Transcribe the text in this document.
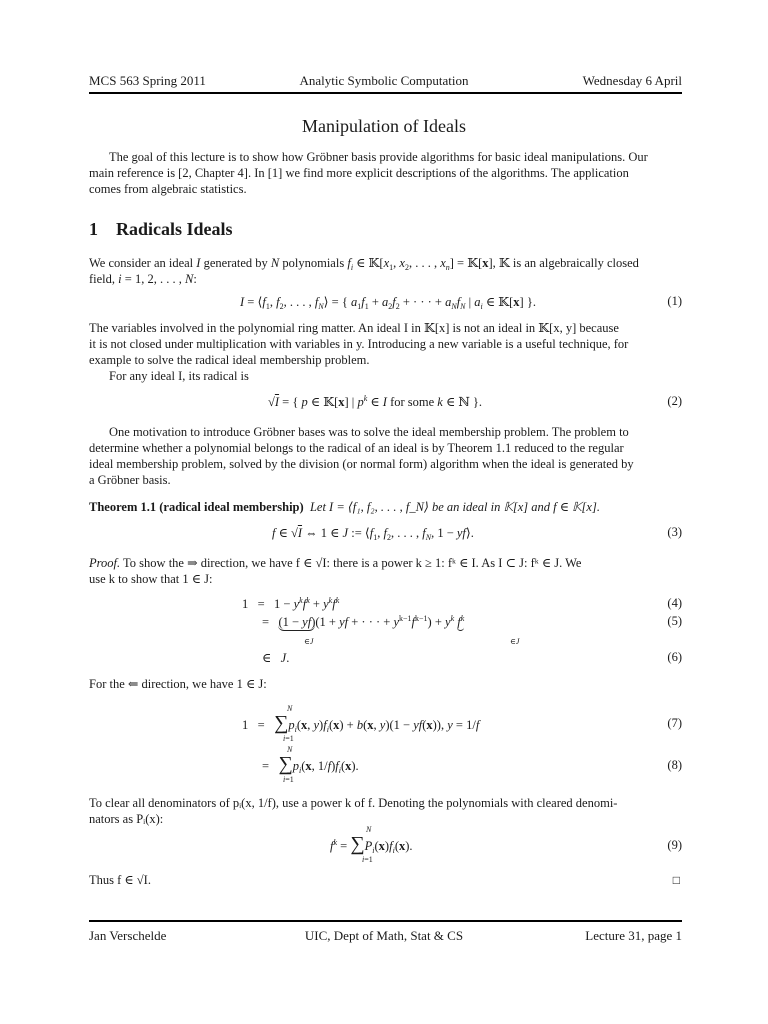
MCS 563 Spring 2011	Analytic Symbolic Computation	Wednesday 6 April
Manipulation of Ideals
The goal of this lecture is to show how Gröbner basis provide algorithms for basic ideal manipulations. Our
main reference is [2, Chapter 4]. In [1] we find more explicit descriptions of the algorithms. The application
comes from algebraic statistics.
1 Radicals Ideals
We consider an ideal I generated by N polynomials $f_i$ ∈ $𝕂[x_1$, $x_2$, . . . , $x_n$] = 𝕂[x], 𝕂 is an algebraically closed
field, i = 1, 2, . . . , N:
$I = ⟨f_1$, $f_2$, . . . , $f_N⟩$ = { $a_1f_1 + a_2f_2$ + · · · + $a_Nf_N$ | $a_i$ ∈ 𝕂[x] }.	(1)
The variables involved in the polynomial ring matter. An ideal I in 𝕂[x] is not an ideal in 𝕂[x, y] because
it is not closed under multiplication with variables in y. Introducing a new variable is a useful technique, for
example to solve the radical ideal membership problem.
For any ideal I, its radical is
√I = { p ∈ 𝕂[x] | $p^k$ ∈ I for some k ∈ ℕ }.	(2)
One motivation to introduce Gröbner bases was to solve the ideal membership problem. The problem to
determine whether a polynomial belongs to the radical of an ideal is by Theorem 1.1 reduced to the regular
ideal membership problem, solved by the division (or normal form) algorithm when the ideal is generated by
a Gröbner basis.
Theorem 1.1 (radical ideal membership) Let I = ⟨f₁, f₂, . . . , f_N⟩ be an ideal in 𝕂[x] and f ∈ 𝕂[x].
f ∈ √I ⇔ 1 ∈ J := $⟨f_1$, $f_2$, . . . , $f_N$, 1 − yf⟩.	(3)
Proof. To show the ⇒ direction, we have f ∈ √I: there is a power k ≥ 1: fᵏ ∈ I. As I ⊂ J: fᵏ ∈ J. We
use k to show that 1 ∈ J:
$1 = 1 - y^kf^k + y^kf^k$	(4)
=   (1 − yf)(1 + yf + · · · + $y^{k-1}f^{k-1}) + y^k$ $f^k$
∈J	∈J
(5)
∈   J.	(6)
For the ⇐ direction, we have 1 ∈ J:
N
$1 = \sum p_i(x$, $y)f_i(x) + b(x$, y)(1 − yf(x)), y = 1/f
i=1
(7)
N
=   $\sum p_i(x$, $1/f)f_i(x)$.
i=1
(8)
To clear all denominators of pᵢ(x, 1/f), use a power k of f. Denoting the polynomials with cleared denomi-
nators as Pᵢ(x):
N
$f^k = \sum P_i(x)f_i(x)$.
i=1
(9)
Thus f ∈ √I.	□
Jan Verschelde	UIC, Dept of Math, Stat & CS	Lecture 31, page 1
